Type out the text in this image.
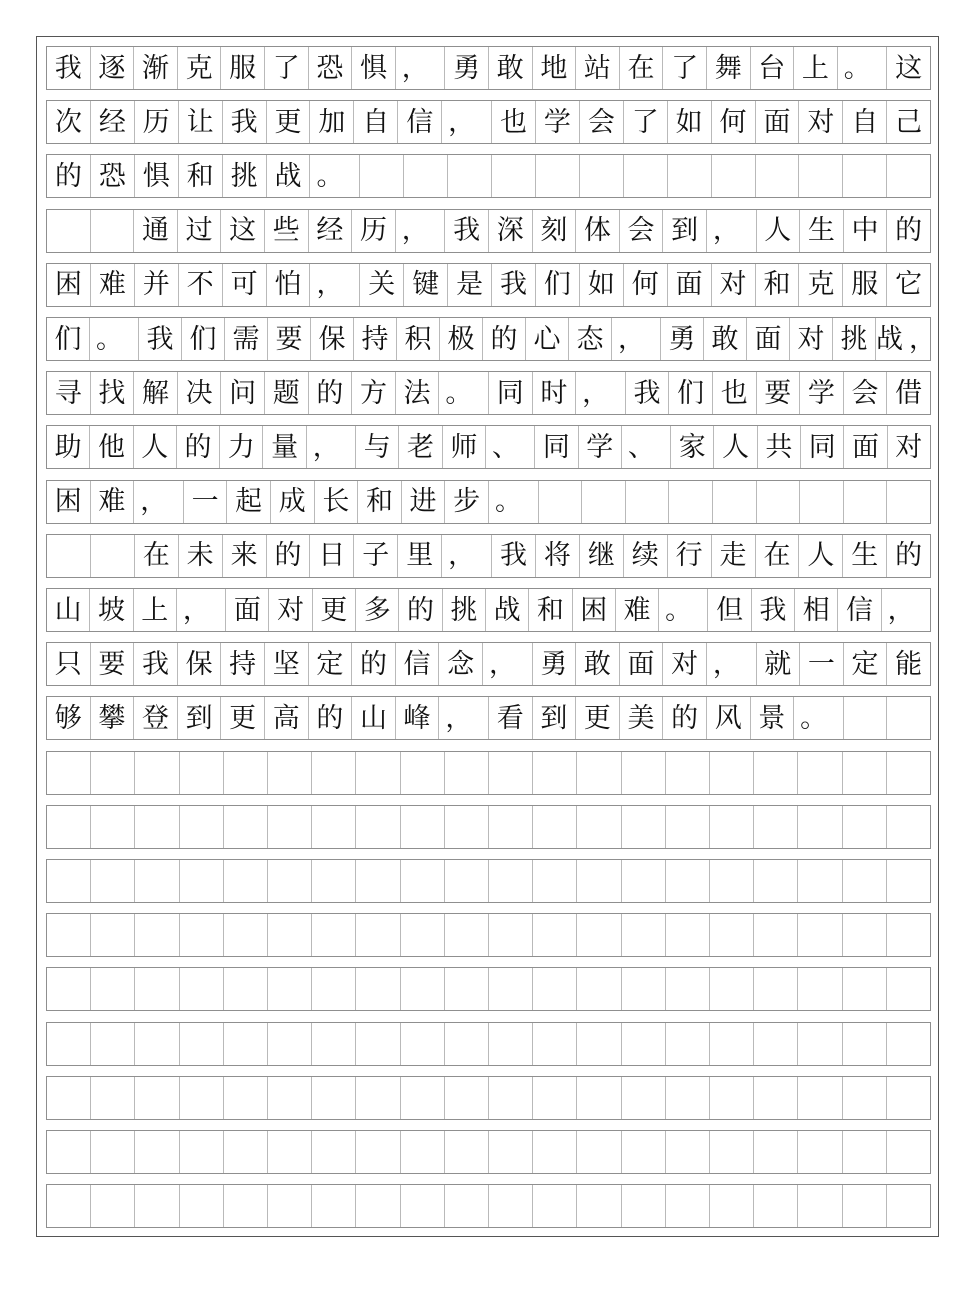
我 逐 渐 克 服 了 恐 惧 ， 勇 敢 地 站 在 了 舞 台 上 。 这
次 经 历 让 我 更 加 自 信 ， 也 学 会 了 如 何 面 对 自 己
的 恐 惧 和 挑 战 。
通 过 这 些 经 历 ， 我 深 刻 体 会 到 ， 人 生 中 的
困 难 并 不 可 怕 ， 关 键 是 我 们 如 何 面 对 和 克 服 它
们 。 我 们 需 要 保 持 积 极 的 心 态 ， 勇 敢 面 对 挑 战 ，
寻 找 解 决 问 题 的 方 法 。 同 时 ， 我 们 也 要 学 会 借
助 他 人 的 力 量 ， 与 老 师 、 同 学 、 家 人 共 同 面 对
困 难 ， 一 起 成 长 和 进 步 。
在 未 来 的 日 子 里 ， 我 将 继 续 行 走 在 人 生 的
山 坡 上 ， 面 对 更 多 的 挑 战 和 困 难 。 但 我 相 信 ，
只 要 我 保 持 坚 定 的 信 念 ， 勇 敢 面 对 ， 就 一 定 能
够 攀 登 到 更 高 的 山 峰 ， 看 到 更 美 的 风 景 。
